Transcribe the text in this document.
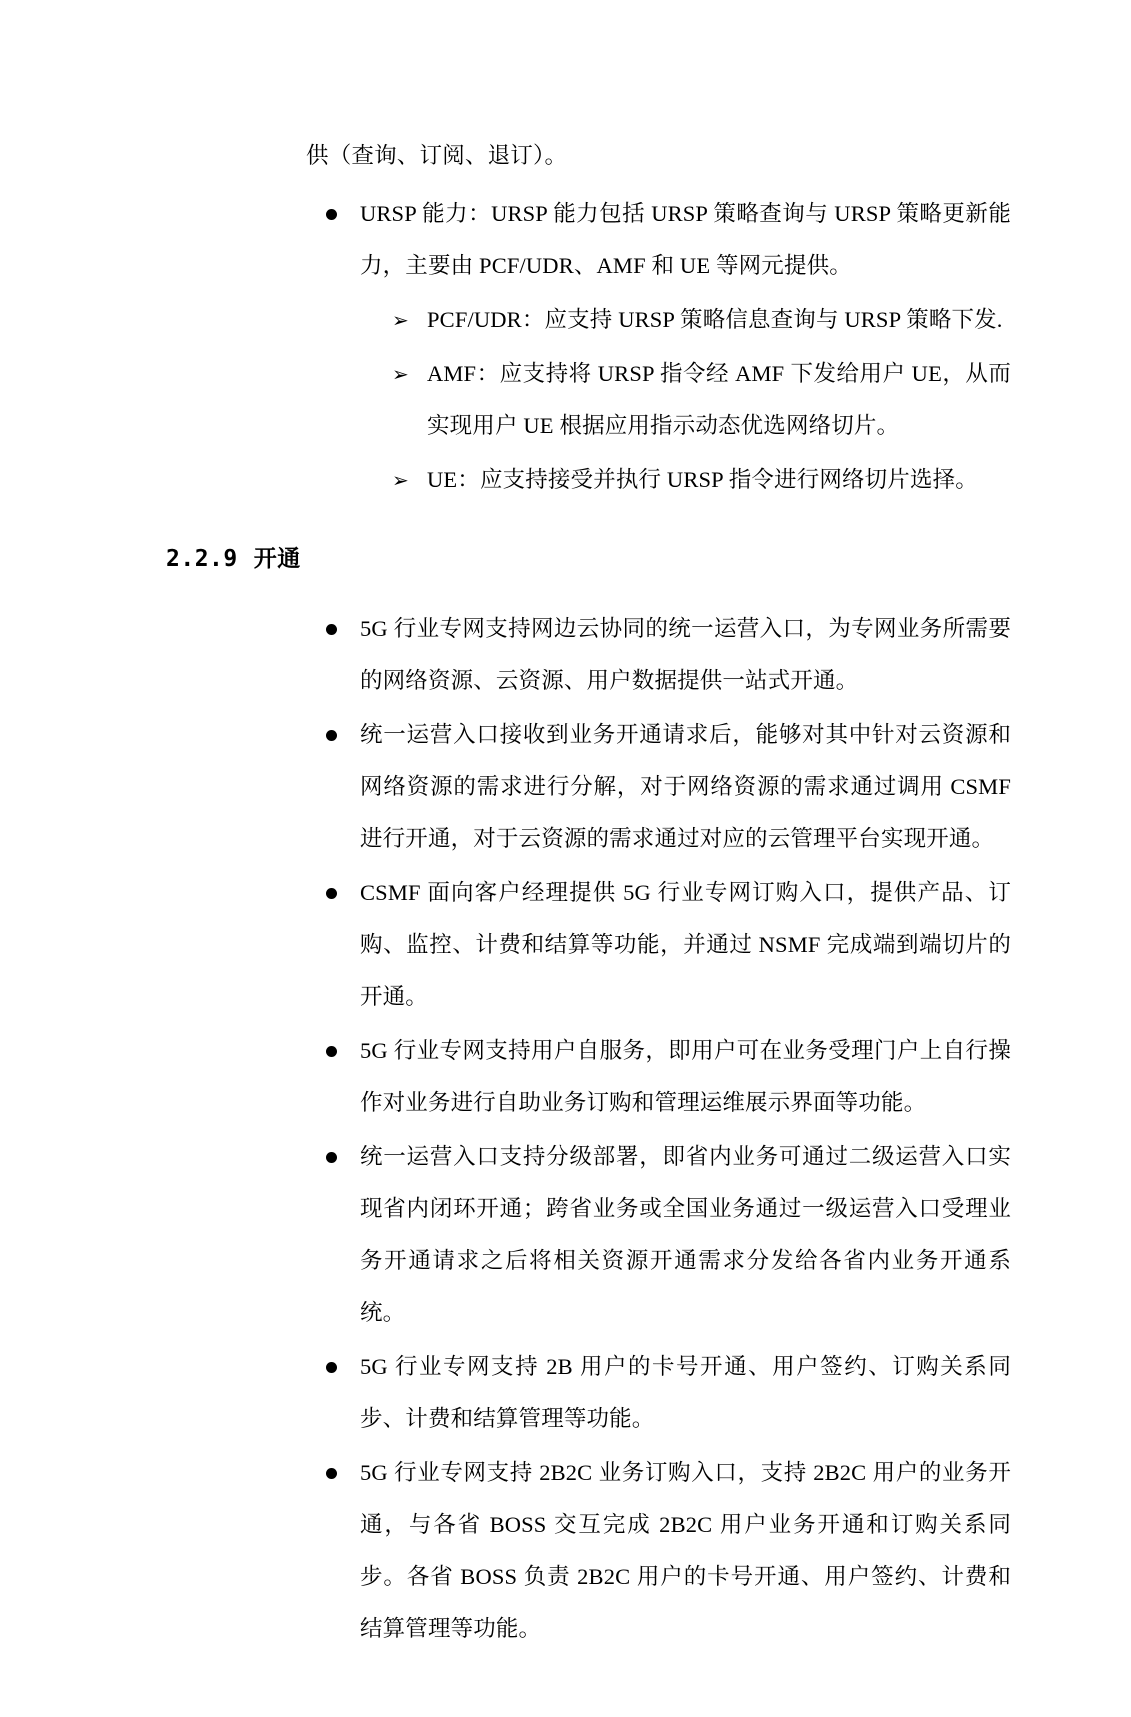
供（查询、订阅、退订）。

URSP 能力：URSP 能力包括 URSP 策略查询与 URSP 策略更新能力，主要由 PCF/UDR、AMF 和 UE 等网元提供。
➢ PCF/UDR：应支持 URSP 策略信息查询与 URSP 策略下发.
➢ AMF：应支持将 URSP 指令经 AMF 下发给用户 UE，从而实现用户 UE 根据应用指示动态优选网络切片。
➢ UE：应支持接受并执行 URSP 指令进行网络切片选择。
2.2.9 开通
5G 行业专网支持网边云协同的统一运营入口，为专网业务所需要的网络资源、云资源、用户数据提供一站式开通。
统一运营入口接收到业务开通请求后，能够对其中针对云资源和网络资源的需求进行分解，对于网络资源的需求通过调用 CSMF 进行开通，对于云资源的需求通过对应的云管理平台实现开通。
CSMF 面向客户经理提供 5G 行业专网订购入口，提供产品、订购、监控、计费和结算等功能，并通过 NSMF 完成端到端切片的开通。
5G 行业专网支持用户自服务，即用户可在业务受理门户上自行操作对业务进行自助业务订购和管理运维展示界面等功能。
统一运营入口支持分级部署，即省内业务可通过二级运营入口实现省内闭环开通；跨省业务或全国业务通过一级运营入口受理业务开通请求之后将相关资源开通需求分发给各省内业务开通系统。
5G 行业专网支持 2B 用户的卡号开通、用户签约、订购关系同步、计费和结算管理等功能。
5G 行业专网支持 2B2C 业务订购入口，支持 2B2C 用户的业务开通，与各省 BOSS 交互完成 2B2C 用户业务开通和订购关系同步。各省 BOSS 负责 2B2C 用户的卡号开通、用户签约、计费和结算管理等功能。
